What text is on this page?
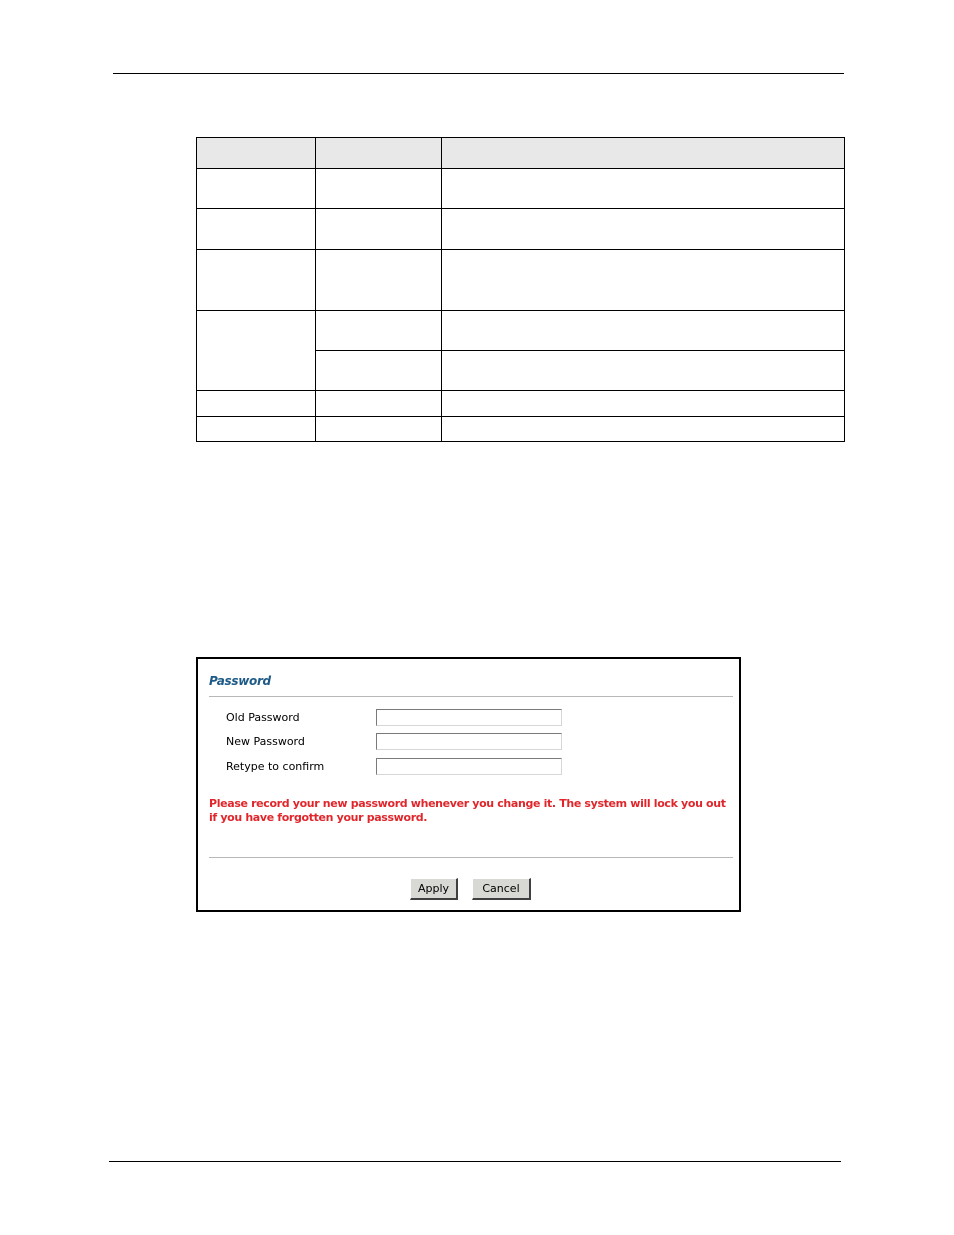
Password
Old Password
New Password
Retype to confirm
Please record your new password whenever you change it. The system will lock you out if you have forgotten your password.
Apply	Cancel
